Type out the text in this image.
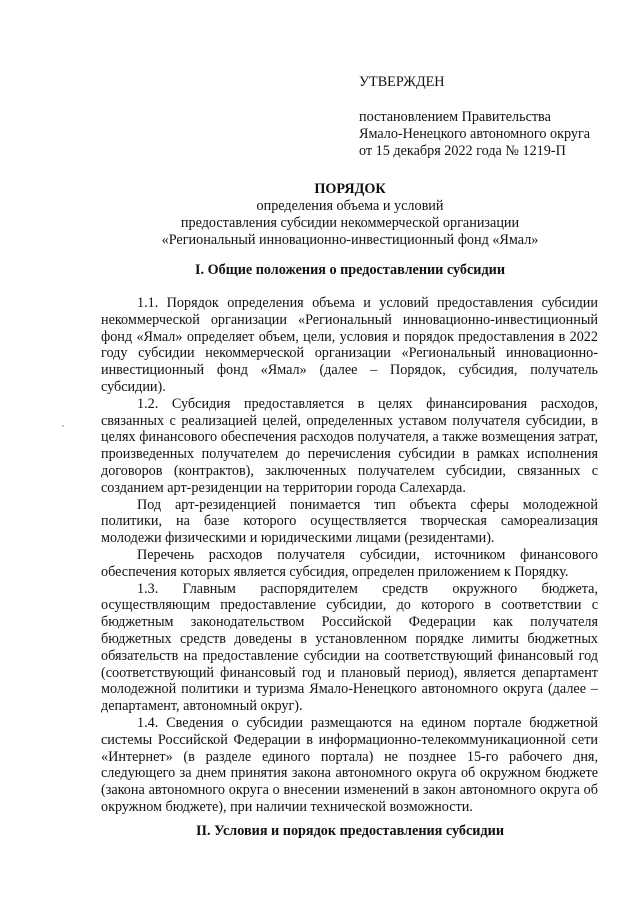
УТВЕРЖДЕН
постановлением Правительства
Ямало-Ненецкого автономного округа
от 15 декабря 2022 года № 1219-П
ПОРЯДОК
определения объема и условий
предоставления субсидии некоммерческой организации
«Региональный инновационно-инвестиционный фонд «Ямал»
I. Общие положения о предоставлении субсидии

1.1. Порядок определения объема и условий предоставления субсидии некоммерческой организации «Региональный инновационно-инвестиционный фонд «Ямал» определяет объем, цели, условия и порядок предоставления в 2022 году субсидии некоммерческой организации «Региональный инновационно-инвестиционный фонд «Ямал» (далее – Порядок, субсидия, получатель субсидии).

1.2. Субсидия предоставляется в целях финансирования расходов, связанных с реализацией целей, определенных уставом получателя субсидии, в целях финансового обеспечения расходов получателя, а также возмещения затрат, произведенных получателем до перечисления субсидии в рамках исполнения договоров (контрактов), заключенных получателем субсидии, связанных с созданием арт-резиденции на территории города Салехарда.

Под арт-резиденцией понимается тип объекта сферы молодежной политики, на базе которого осуществляется творческая самореализация молодежи физическими и юридическими лицами (резидентами).

Перечень расходов получателя субсидии, источником финансового обеспечения которых является субсидия, определен приложением к Порядку.

1.3. Главным распорядителем средств окружного бюджета, осуществляющим предоставление субсидии, до которого в соответствии с бюджетным законодательством Российской Федерации как получателя бюджетных средств доведены в установленном порядке лимиты бюджетных обязательств на предоставление субсидии на соответствующий финансовый год (соответствующий финансовый год и плановый период), является департамент молодежной политики и туризма Ямало-Ненецкого автономного округа (далее – департамент, автономный округ).

1.4. Сведения о субсидии размещаются на едином портале бюджетной системы Российской Федерации в информационно-телекоммуникационной сети «Интернет» (в разделе единого портала) не позднее 15-го рабочего дня, следующего за днем принятия закона автономного округа об окружном бюджете (закона автономного округа о внесении изменений в закон автономного округа об окружном бюджете), при наличии технической возможности.

II. Условия и порядок предоставления субсидии
